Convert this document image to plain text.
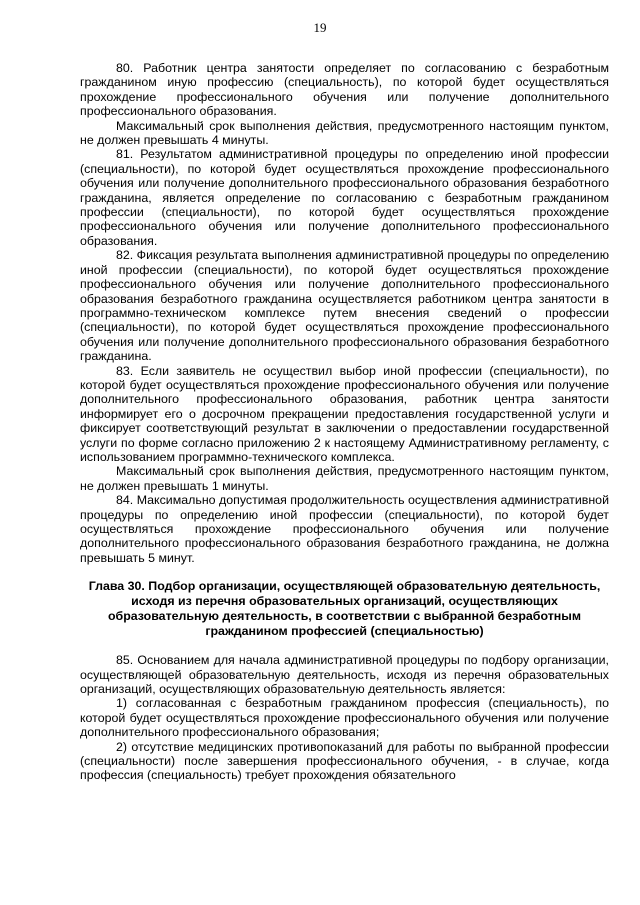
19

80. Работник центра занятости определяет по согласованию с безработным гражданином иную профессию (специальность), по которой будет осуществляться прохождение профессионального обучения или получение дополнительного профессионального образования.

Максимальный срок выполнения действия, предусмотренного настоящим пунктом, не должен превышать 4 минуты.

81. Результатом административной процедуры по определению иной профессии (специальности), по которой будет осуществляться прохождение профессионального обучения или получение дополнительного профессионального образования безработного гражданина, является определение по согласованию с безработным гражданином профессии (специальности), по которой будет осуществляться прохождение профессионального обучения или получение дополнительного профессионального образования.

82. Фиксация результата выполнения административной процедуры по определению иной профессии (специальности), по которой будет осуществляться прохождение профессионального обучения или получение дополнительного профессионального образования безработного гражданина осуществляется работником центра занятости в программно-техническом комплексе путем внесения сведений о профессии (специальности), по которой будет осуществляться прохождение профессионального обучения или получение дополнительного профессионального образования безработного гражданина.

83. Если заявитель не осуществил выбор иной профессии (специальности), по которой будет осуществляться прохождение профессионального обучения или получение дополнительного профессионального образования, работник центра занятости информирует его о досрочном прекращении предоставления государственной услуги и фиксирует соответствующий результат в заключении о предоставлении государственной услуги по форме согласно приложению 2 к настоящему Административному регламенту, с использованием программно-технического комплекса.

Максимальный срок выполнения действия, предусмотренного настоящим пунктом, не должен превышать 1 минуты.

84. Максимально допустимая продолжительность осуществления административной процедуры по определению иной профессии (специальности), по которой будет осуществляться прохождение профессионального обучения или получение дополнительного профессионального образования безработного гражданина, не должна превышать 5 минут.

Глава 30. Подбор организации, осуществляющей образовательную деятельность, исходя из перечня образовательных организаций, осуществляющих образовательную деятельность, в соответствии с выбранной безработным гражданином профессией (специальностью)

85. Основанием для начала административной процедуры по подбору организации, осуществляющей образовательную деятельность, исходя из перечня образовательных организаций, осуществляющих образовательную деятельность является:

1) согласованная с безработным гражданином профессия (специальность), по которой будет осуществляться прохождение профессионального обучения или получение дополнительного профессионального образования;

2) отсутствие медицинских противопоказаний для работы по выбранной профессии (специальности) после завершения профессионального обучения, - в случае, когда профессия (специальность) требует прохождения обязательного
